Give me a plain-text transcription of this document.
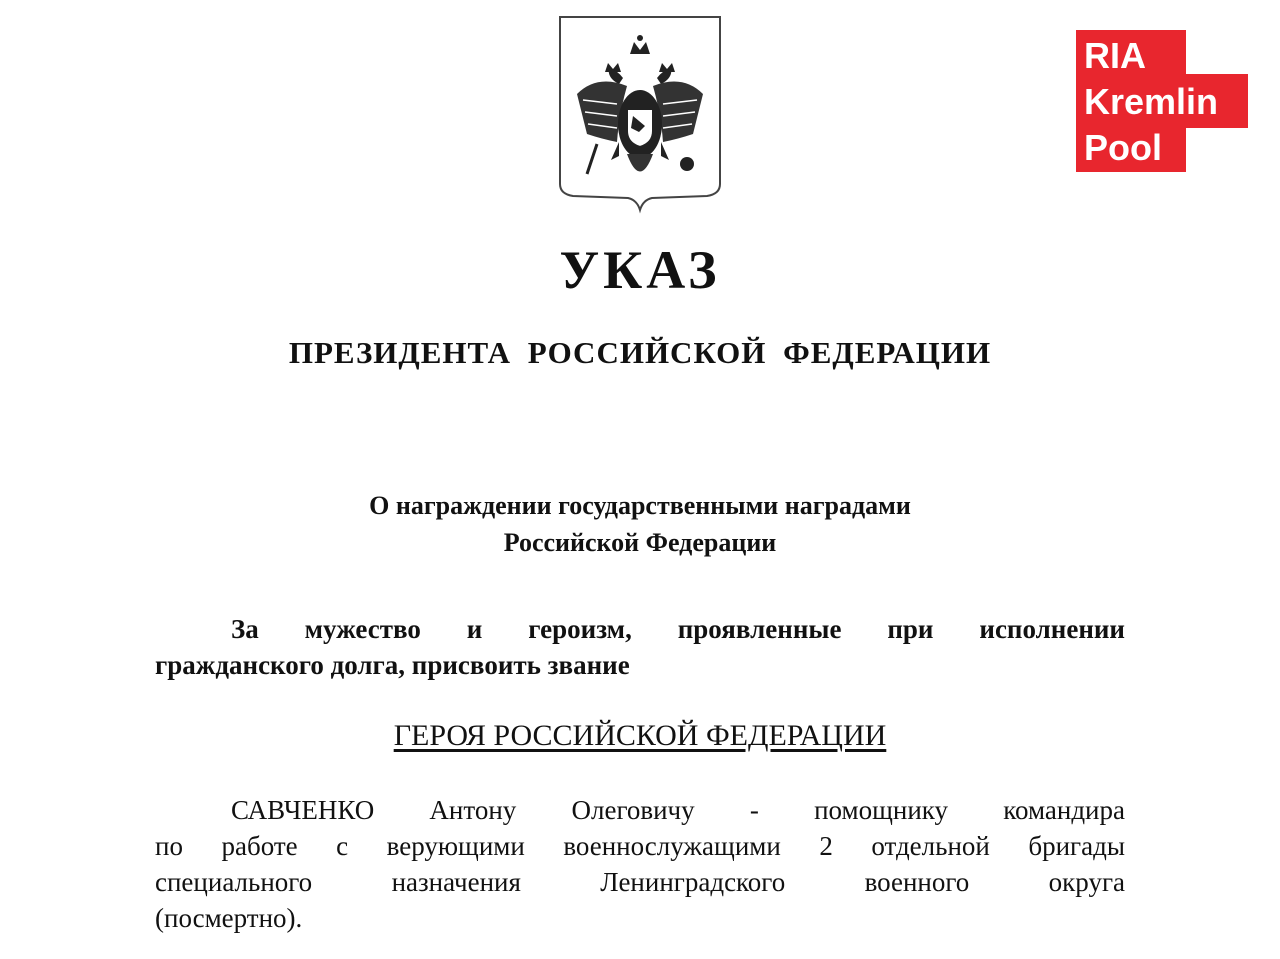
RIA
Kremlin
Pool
УКАЗ
ПРЕЗИДЕНТА РОССИЙСКОЙ ФЕДЕРАЦИИ
О награждении государственными наградами
Российской Федерации
За мужество и героизм, проявленные при исполнении
гражданского долга, присвоить звание
ГЕРОЯ РОССИЙСКОЙ ФЕДЕРАЦИИ
САВЧЕНКО Антону Олеговичу - помощнику командира
по работе с верующими военнослужащими 2 отдельной бригады
специального назначения Ленинградского военного округа
(посмертно).
